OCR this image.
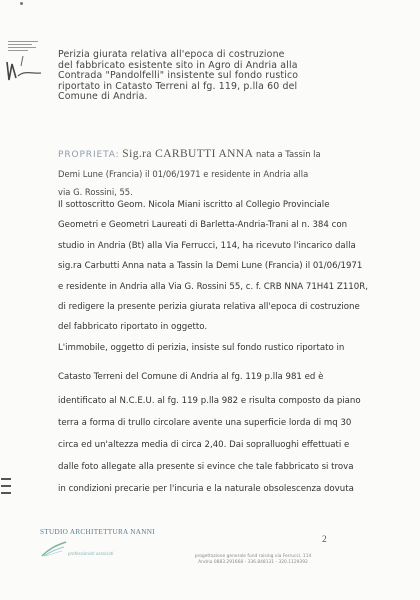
Perizia giurata relativa all'epoca di costruzione
del fabbricato esistente sito in Agro di Andria alla
Contrada "Pandolfelli" insistente sul fondo rustico
riportato in Catasto Terreni al fg. 119, p.lla 60 del
Comune di Andria.
PROPRIETA: Sig.ra CARBUTTI ANNA nata a Tassin la
Demi Lune (Francia) il 01/06/1971 e residente in Andria alla
via G. Rossini, 55.
Il sottoscritto Geom. Nicola Miani iscritto al Collegio Provinciale
Geometri e Geometri Laureati di Barletta-Andria-Trani al n. 384 con
studio in Andria (Bt) alla Via Ferrucci, 114, ha ricevuto l'incarico dalla
sig.ra Carbutti Anna nata a Tassin la Demi Lune (Francia) il 01/06/1971
e residente in Andria alla Via G. Rossini 55, c. f. CRB NNA 71H41 Z110R,
di redigere la presente perizia giurata relativa all'epoca di costruzione
del fabbricato riportato in oggetto.
L'immobile, oggetto di perizia, insiste sul fondo rustico riportato in
Catasto Terreni del Comune di Andria al fg. 119 p.lla 981 ed è
identificato al N.C.E.U. al fg. 119 p.lla 982 e risulta composto da piano
terra a forma di trullo circolare avente una superficie lorda di mq 30
circa ed un'altezza media di circa 2,40. Dai sopralluoghi effettuati e
dalle foto allegate alla presente si evince che tale fabbricato si trova
in condizioni precarie per l'incuria e la naturale obsolescenza dovuta
STUDIO ARCHITETTURA NANNI
professionisti associati
2
progettazione generale fund raising via Ferrucci, 114
Andria 0883.291668 - 336.848131 - 320.1129392
